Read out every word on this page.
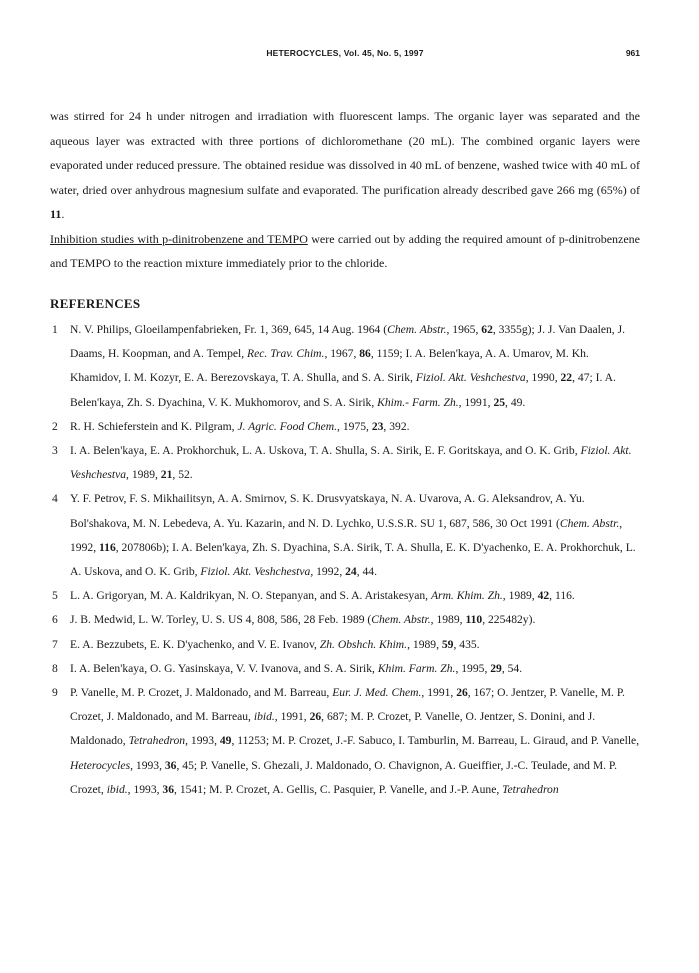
HETEROCYCLES, Vol. 45, No. 5, 1997	961

was stirred for 24 h under nitrogen and irradiation with fluorescent lamps. The organic layer was separated and the aqueous layer was extracted with three portions of dichloromethane (20 mL). The combined organic layers were evaporated under reduced pressure. The obtained residue was dissolved in 40 mL of benzene, washed twice with 40 mL of water, dried over anhydrous magnesium sulfate and evaporated. The purification already described gave 266 mg (65%) of 11.

Inhibition studies with p-dinitrobenzene and TEMPO were carried out by adding the required amount of p-dinitrobenzene and TEMPO to the reaction mixture immediately prior to the chloride.

REFERENCES
1 N. V. Philips, Gloeilampenfabrieken, Fr. 1, 369, 645, 14 Aug. 1964 (Chem. Abstr., 1965, 62, 3355g); J. J. Van Daalen, J. Daams, H. Koopman, and A. Tempel, Rec. Trav. Chim., 1967, 86, 1159; I. A. Belen'kaya, A. A. Umarov, M. Kh. Khamidov, I. M. Kozyr, E. A. Berezovskaya, T. A. Shulla, and S. A. Sirik, Fiziol. Akt. Veshchestva, 1990, 22, 47; I. A. Belen'kaya, Zh. S. Dyachina, V. K. Mukhomorov, and S. A. Sirik, Khim.- Farm. Zh., 1991, 25, 49.
2 R. H. Schieferstein and K. Pilgram, J. Agric. Food Chem., 1975, 23, 392.
3 I. A. Belen'kaya, E. A. Prokhorchuk, L. A. Uskova, T. A. Shulla, S. A. Sirik, E. F. Goritskaya, and O. K. Grib, Fiziol. Akt. Veshchestva, 1989, 21, 52.
4 Y. F. Petrov, F. S. Mikhailitsyn, A. A. Smirnov, S. K. Drusvyatskaya, N. A. Uvarova, A. G. Aleksandrov, A. Yu. Bol'shakova, M. N. Lebedeva, A. Yu. Kazarin, and N. D. Lychko, U.S.S.R. SU 1, 687, 586, 30 Oct 1991 (Chem. Abstr., 1992, 116, 207806b); I. A. Belen'kaya, Zh. S. Dyachina, S.A. Sirik, T. A. Shulla, E. K. D'yachenko, E. A. Prokhorchuk, L. A. Uskova, and O. K. Grib, Fiziol. Akt. Veshchestva, 1992, 24, 44.
5 L. A. Grigoryan, M. A. Kaldrikyan, N. O. Stepanyan, and S. A. Aristakesyan, Arm. Khim. Zh., 1989, 42, 116.
6 J. B. Medwid, L. W. Torley, U. S. US 4, 808, 586, 28 Feb. 1989 (Chem. Abstr., 1989, 110, 225482y).
7 E. A. Bezzubets, E. K. D'yachenko, and V. E. Ivanov, Zh. Obshch. Khim., 1989, 59, 435.
8 I. A. Belen'kaya, O. G. Yasinskaya, V. V. Ivanova, and S. A. Sirik, Khim. Farm. Zh., 1995, 29, 54.
9 P. Vanelle, M. P. Crozet, J. Maldonado, and M. Barreau, Eur. J. Med. Chem., 1991, 26, 167; O. Jentzer, P. Vanelle, M. P. Crozet, J. Maldonado, and M. Barreau, ibid., 1991, 26, 687; M. P. Crozet, P. Vanelle, O. Jentzer, S. Donini, and J. Maldonado, Tetrahedron, 1993, 49, 11253; M. P. Crozet, J.-F. Sabuco, I. Tamburlin, M. Barreau, L. Giraud, and P. Vanelle, Heterocycles, 1993, 36, 45; P. Vanelle, S. Ghezali, J. Maldonado, O. Chavignon, A. Gueiffier, J.-C. Teulade, and M. P. Crozet, ibid., 1993, 36, 1541; M. P. Crozet, A. Gellis, C. Pasquier, P. Vanelle, and J.-P. Aune, Tetrahedron
